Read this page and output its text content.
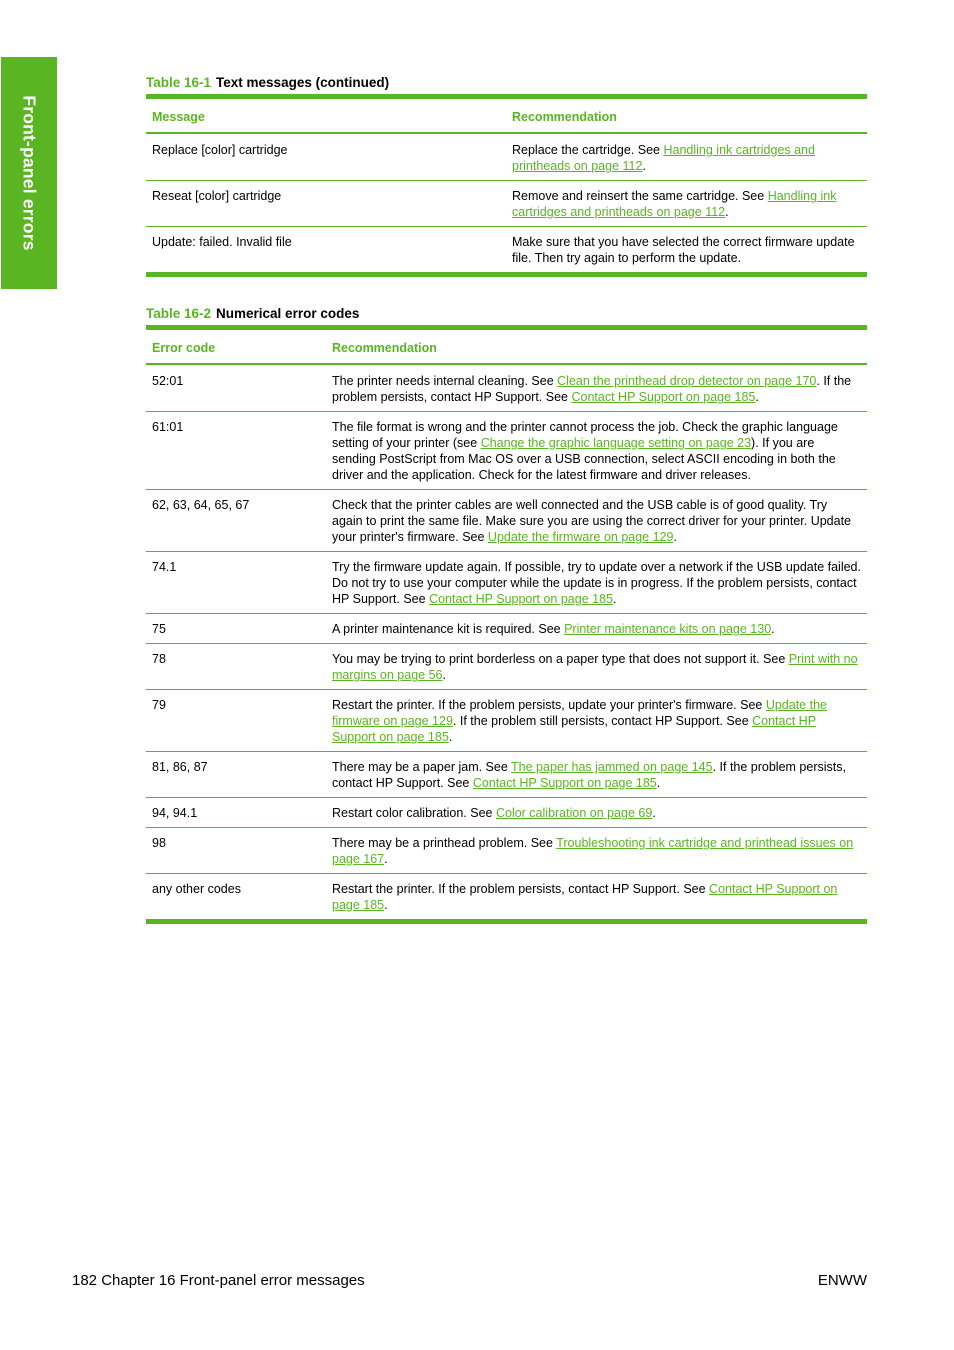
Front-panel errors
Table 16-1 Text messages (continued)
Message	Recommendation
Replace [color] cartridge	Replace the cartridge. See Handling ink cartridges and printheads on page 112.
Reseat [color] cartridge	Remove and reinsert the same cartridge. See Handling ink cartridges and printheads on page 112.
Update: failed. Invalid file	Make sure that you have selected the correct firmware update file. Then try again to perform the update.
Table 16-2 Numerical error codes
Error code	Recommendation
52:01	The printer needs internal cleaning. See Clean the printhead drop detector on page 170. If the problem persists, contact HP Support. See Contact HP Support on page 185.
61:01	The file format is wrong and the printer cannot process the job. Check the graphic language setting of your printer (see Change the graphic language setting on page 23). If you are sending PostScript from Mac OS over a USB connection, select ASCII encoding in both the driver and the application. Check for the latest firmware and driver releases.
62, 63, 64, 65, 67	Check that the printer cables are well connected and the USB cable is of good quality. Try again to print the same file. Make sure you are using the correct driver for your printer. Update your printer's firmware. See Update the firmware on page 129.
74.1	Try the firmware update again. If possible, try to update over a network if the USB update failed. Do not try to use your computer while the update is in progress. If the problem persists, contact HP Support. See Contact HP Support on page 185.
75	A printer maintenance kit is required. See Printer maintenance kits on page 130.
78	You may be trying to print borderless on a paper type that does not support it. See Print with no margins on page 56.
79	Restart the printer. If the problem persists, update your printer's firmware. See Update the firmware on page 129. If the problem still persists, contact HP Support. See Contact HP Support on page 185.
81, 86, 87	There may be a paper jam. See The paper has jammed on page 145. If the problem persists, contact HP Support. See Contact HP Support on page 185.
94, 94.1	Restart color calibration. See Color calibration on page 69.
98	There may be a printhead problem. See Troubleshooting ink cartridge and printhead issues on page 167.
any other codes	Restart the printer. If the problem persists, contact HP Support. See Contact HP Support on page 185.
182 Chapter 16 Front-panel error messages	ENWW
